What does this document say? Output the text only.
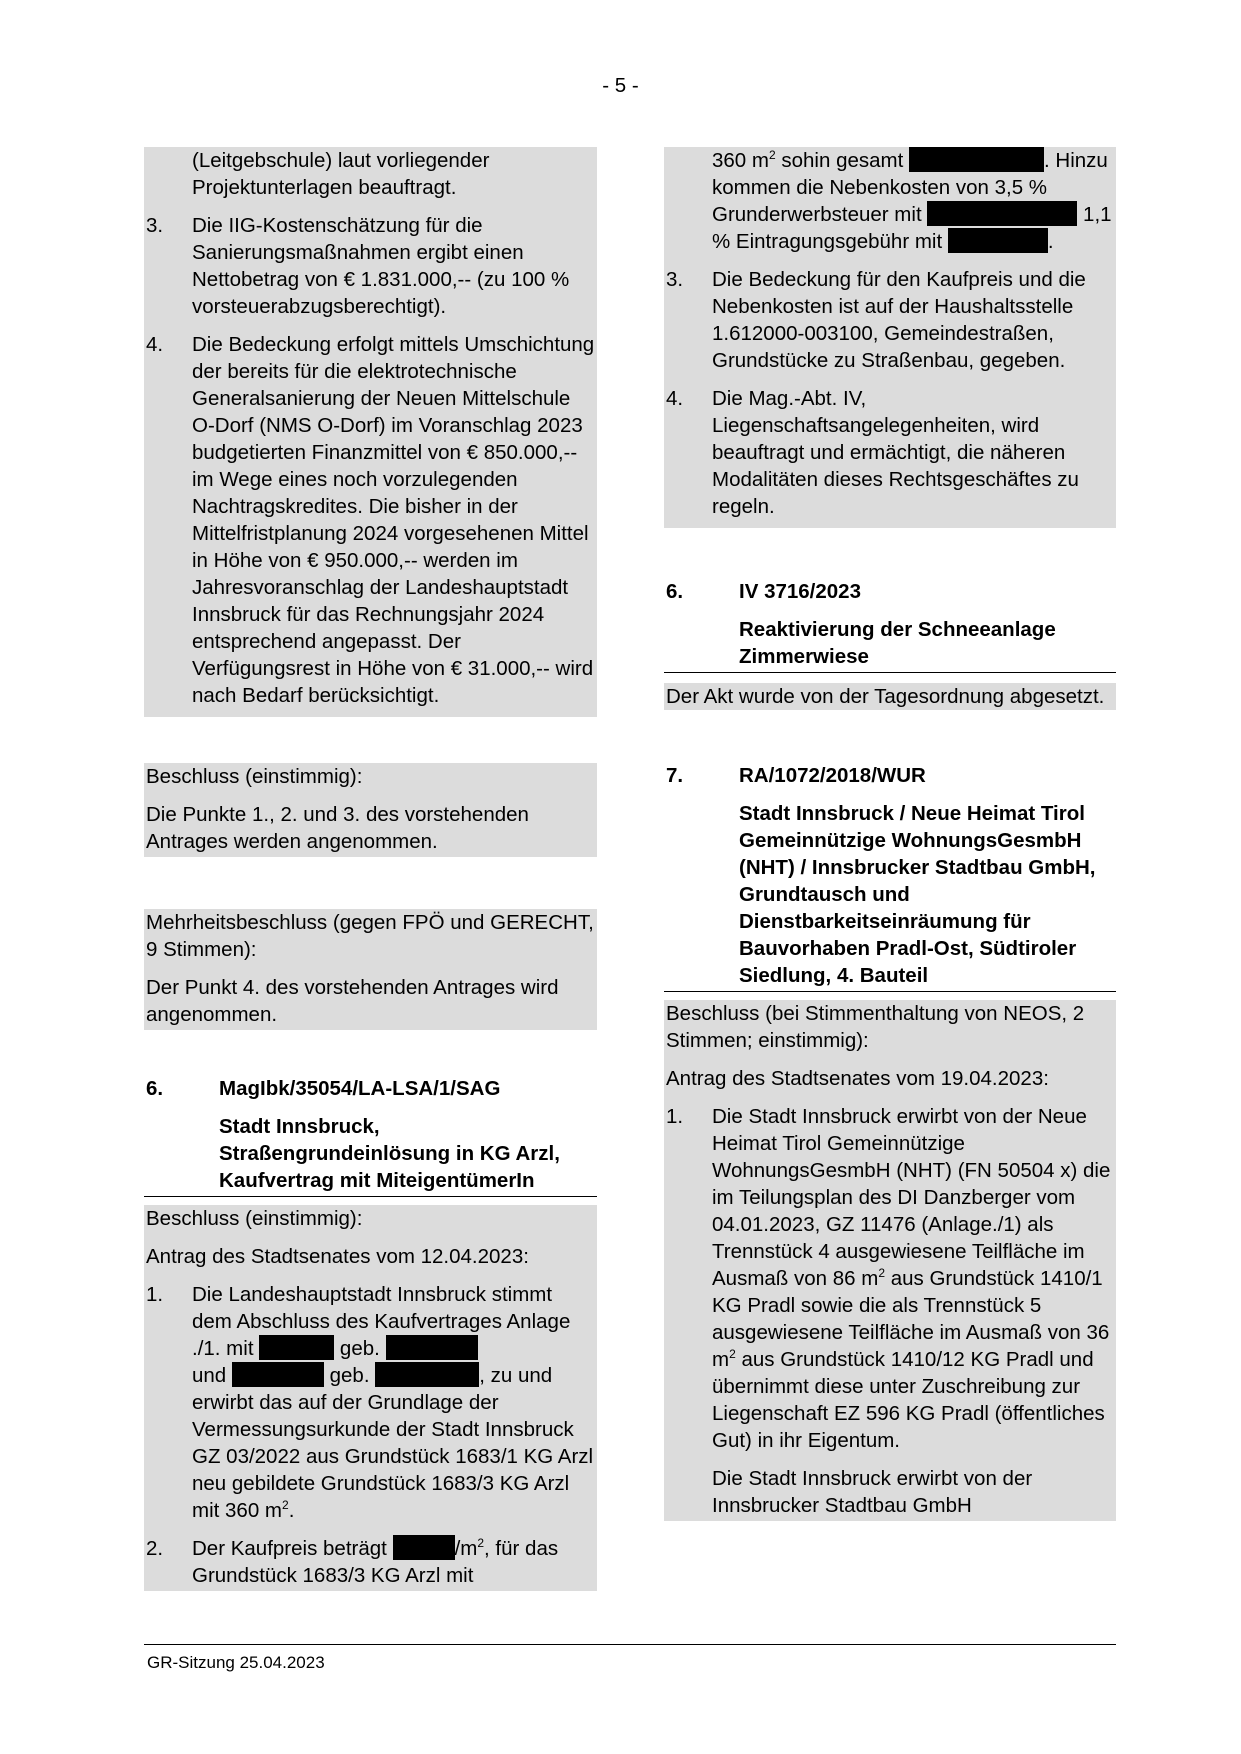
- 5 -
(Leitgebschule) laut vorliegender Projektunterlagen beauftragt.
3.	Die IIG-Kostenschätzung für die Sanierungsmaßnahmen ergibt einen Nettobetrag von € 1.831.000,-- (zu 100 % vorsteuerabzugsberechtigt).
4.	Die Bedeckung erfolgt mittels Umschichtung der bereits für die elektrotechnische Generalsanierung der Neuen Mittelschule O-Dorf (NMS O-Dorf) im Voranschlag 2023 budgetierten Finanzmittel von € 850.000,-- im Wege eines noch vorzulegenden Nachtragskredites. Die bisher in der Mittelfristplanung 2024 vorgesehenen Mittel in Höhe von € 950.000,-- werden im Jahresvoranschlag der Landeshauptstadt Innsbruck für das Rechnungsjahr 2024 entsprechend angepasst. Der Verfügungsrest in Höhe von € 31.000,-- wird nach Bedarf berücksichtigt.

Beschluss (einstimmig):

Die Punkte 1., 2. und 3. des vorstehenden Antrages werden angenommen.

Mehrheitsbeschluss (gegen FPÖ und GERECHT, 9 Stimmen):

Der Punkt 4. des vorstehenden Antrages wird angenommen.

6.	MagIbk/35054/LA-LSA/1/SAG
Stadt Innsbruck, Straßengrundeinlösung in KG Arzl, Kaufvertrag mit MiteigentümerIn

Beschluss (einstimmig):

Antrag des Stadtsenates vom 12.04.2023:

1.	Die Landeshauptstadt Innsbruck stimmt dem Abschluss des Kaufvertrages Anlage ./1. mit	geb.
und	geb.	, zu und erwirbt das auf der Grundlage der Vermessungsurkunde der Stadt Innsbruck GZ 03/2022 aus Grundstück 1683/1 KG Arzl neu gebildete Grundstück 1683/3 KG Arzl mit 360 $m^2$.
2.	Der Kaufpreis beträgt	$/m^2$, für das Grundstück 1683/3 KG Arzl mit
360 $m^2$ sohin gesamt	. Hinzu kommen die Nebenkosten von 3,5 % Grunderwerbsteuer mit	1,1 % Eintragungsgebühr mit	.
3.	Die Bedeckung für den Kaufpreis und die Nebenkosten ist auf der Haushaltsstelle 1.612000-003100, Gemeindestraßen, Grundstücke zu Straßenbau, gegeben.
4.	Die Mag.-Abt. IV, Liegenschaftsangelegenheiten, wird beauftragt und ermächtigt, die näheren Modalitäten dieses Rechtsgeschäftes zu regeln.
6.	IV 3716/2023
Reaktivierung der Schneeanlage Zimmerwiese
Der Akt wurde von der Tagesordnung abgesetzt.
7.	RA/1072/2018/WUR
Stadt Innsbruck / Neue Heimat Tirol Gemeinnützige WohnungsGesmbH (NHT) / Innsbrucker Stadtbau GmbH, Grundtausch und Dienstbarkeitseinräumung für Bauvorhaben Pradl-Ost, Südtiroler Siedlung, 4. Bauteil

Beschluss (bei Stimmenthaltung von NEOS, 2 Stimmen; einstimmig):

Antrag des Stadtsenates vom 19.04.2023:

1.	Die Stadt Innsbruck erwirbt von der Neue Heimat Tirol Gemeinnützige WohnungsGesmbH (NHT) (FN 50504 x) die im Teilungsplan des DI Danzberger vom 04.01.2023, GZ 11476 (Anlage./1) als Trennstück 4 ausgewiesene Teilfläche im Ausmaß von 86 $m^2$ aus Grundstück 1410/1 KG Pradl sowie die als Trennstück 5 ausgewiesene Teilfläche im Ausmaß von 36 $m^2$ aus Grundstück 1410/12 KG Pradl und übernimmt diese unter Zuschreibung zur Liegenschaft EZ 596 KG Pradl (öffentliches Gut) in ihr Eigentum.
Die Stadt Innsbruck erwirbt von der Innsbrucker Stadtbau GmbH
GR-Sitzung 25.04.2023
